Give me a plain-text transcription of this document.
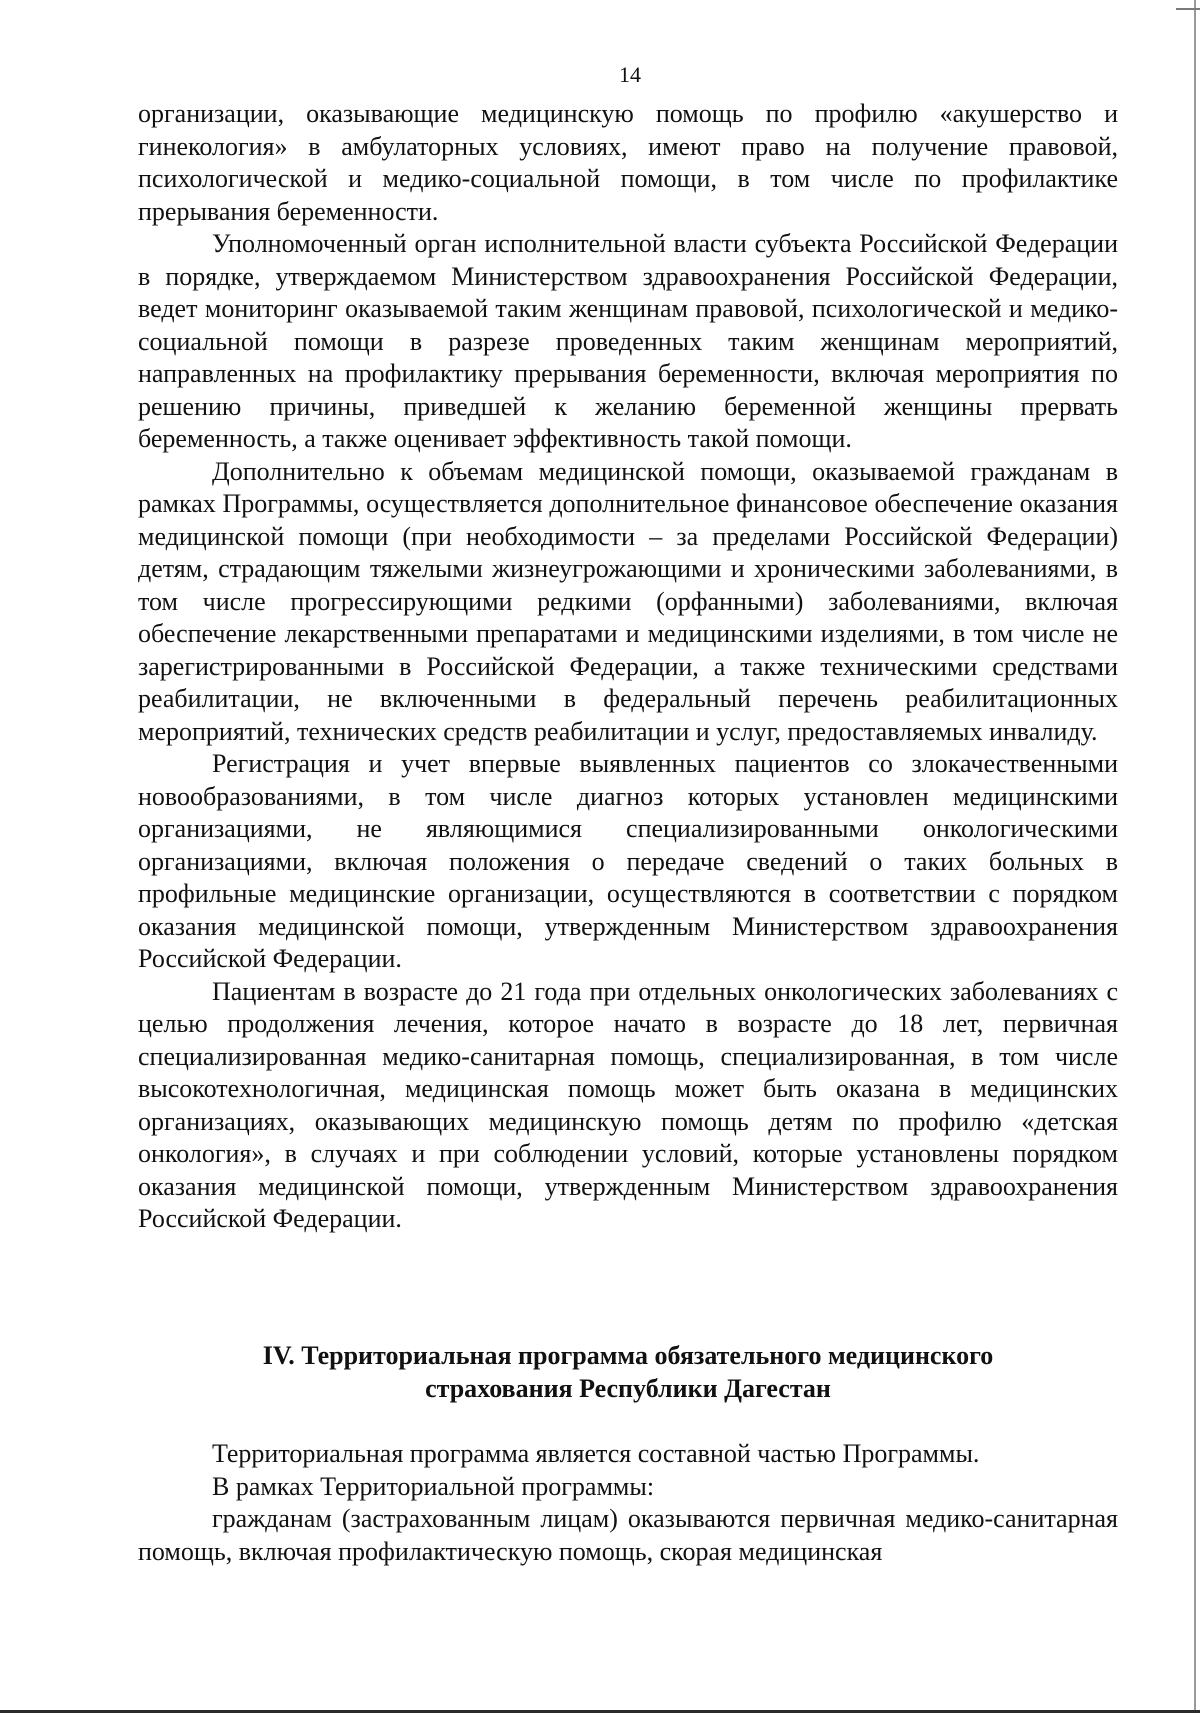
14

организации, оказывающие медицинскую помощь по профилю «акушерство и гинекология» в амбулаторных условиях, имеют право на получение правовой, психологической и медико-социальной помощи, в том числе по профилактике прерывания беременности.

Уполномоченный орган исполнительной власти субъекта Российской Федерации в порядке, утверждаемом Министерством здравоохранения Российской Федерации, ведет мониторинг оказываемой таким женщинам правовой, психологической и медико-социальной помощи в разрезе проведенных таким женщинам мероприятий, направленных на профилактику прерывания беременности, включая мероприятия по решению причины, приведшей к желанию беременной женщины прервать беременность, а также оценивает эффективность такой помощи.

Дополнительно к объемам медицинской помощи, оказываемой гражданам в рамках Программы, осуществляется дополнительное финансовое обеспечение оказания медицинской помощи (при необходимости – за пределами Российской Федерации) детям, страдающим тяжелыми жизнеугрожающими и хроническими заболеваниями, в том числе прогрессирующими редкими (орфанными) заболеваниями, включая обеспечение лекарственными препаратами и медицинскими изделиями, в том числе не зарегистрированными в Российской Федерации, а также техническими средствами реабилитации, не включенными в федеральный перечень реабилитационных мероприятий, технических средств реабилитации и услуг, предоставляемых инвалиду.

Регистрация и учет впервые выявленных пациентов со злокачественными новообразованиями, в том числе диагноз которых установлен медицинскими организациями, не являющимися специализированными онкологическими организациями, включая положения о передаче сведений о таких больных в профильные медицинские организации, осуществляются в соответствии с порядком оказания медицинской помощи, утвержденным Министерством здравоохранения Российской Федерации.

Пациентам в возрасте до 21 года при отдельных онкологических заболеваниях с целью продолжения лечения, которое начато в возрасте до 18 лет, первичная специализированная медико-санитарная помощь, специализированная, в том числе высокотехнологичная, медицинская помощь может быть оказана в медицинских организациях, оказывающих медицинскую помощь детям по профилю «детская онкология», в случаях и при соблюдении условий, которые установлены порядком оказания медицинской помощи, утвержденным Министерством здравоохранения Российской Федерации.

IV. Территориальная программа обязательного медицинского
страхования Республики Дагестан

Территориальная программа является составной частью Программы.

В рамках Территориальной программы:

гражданам (застрахованным лицам) оказываются первичная медико-санитарная помощь, включая профилактическую помощь, скорая медицинская
